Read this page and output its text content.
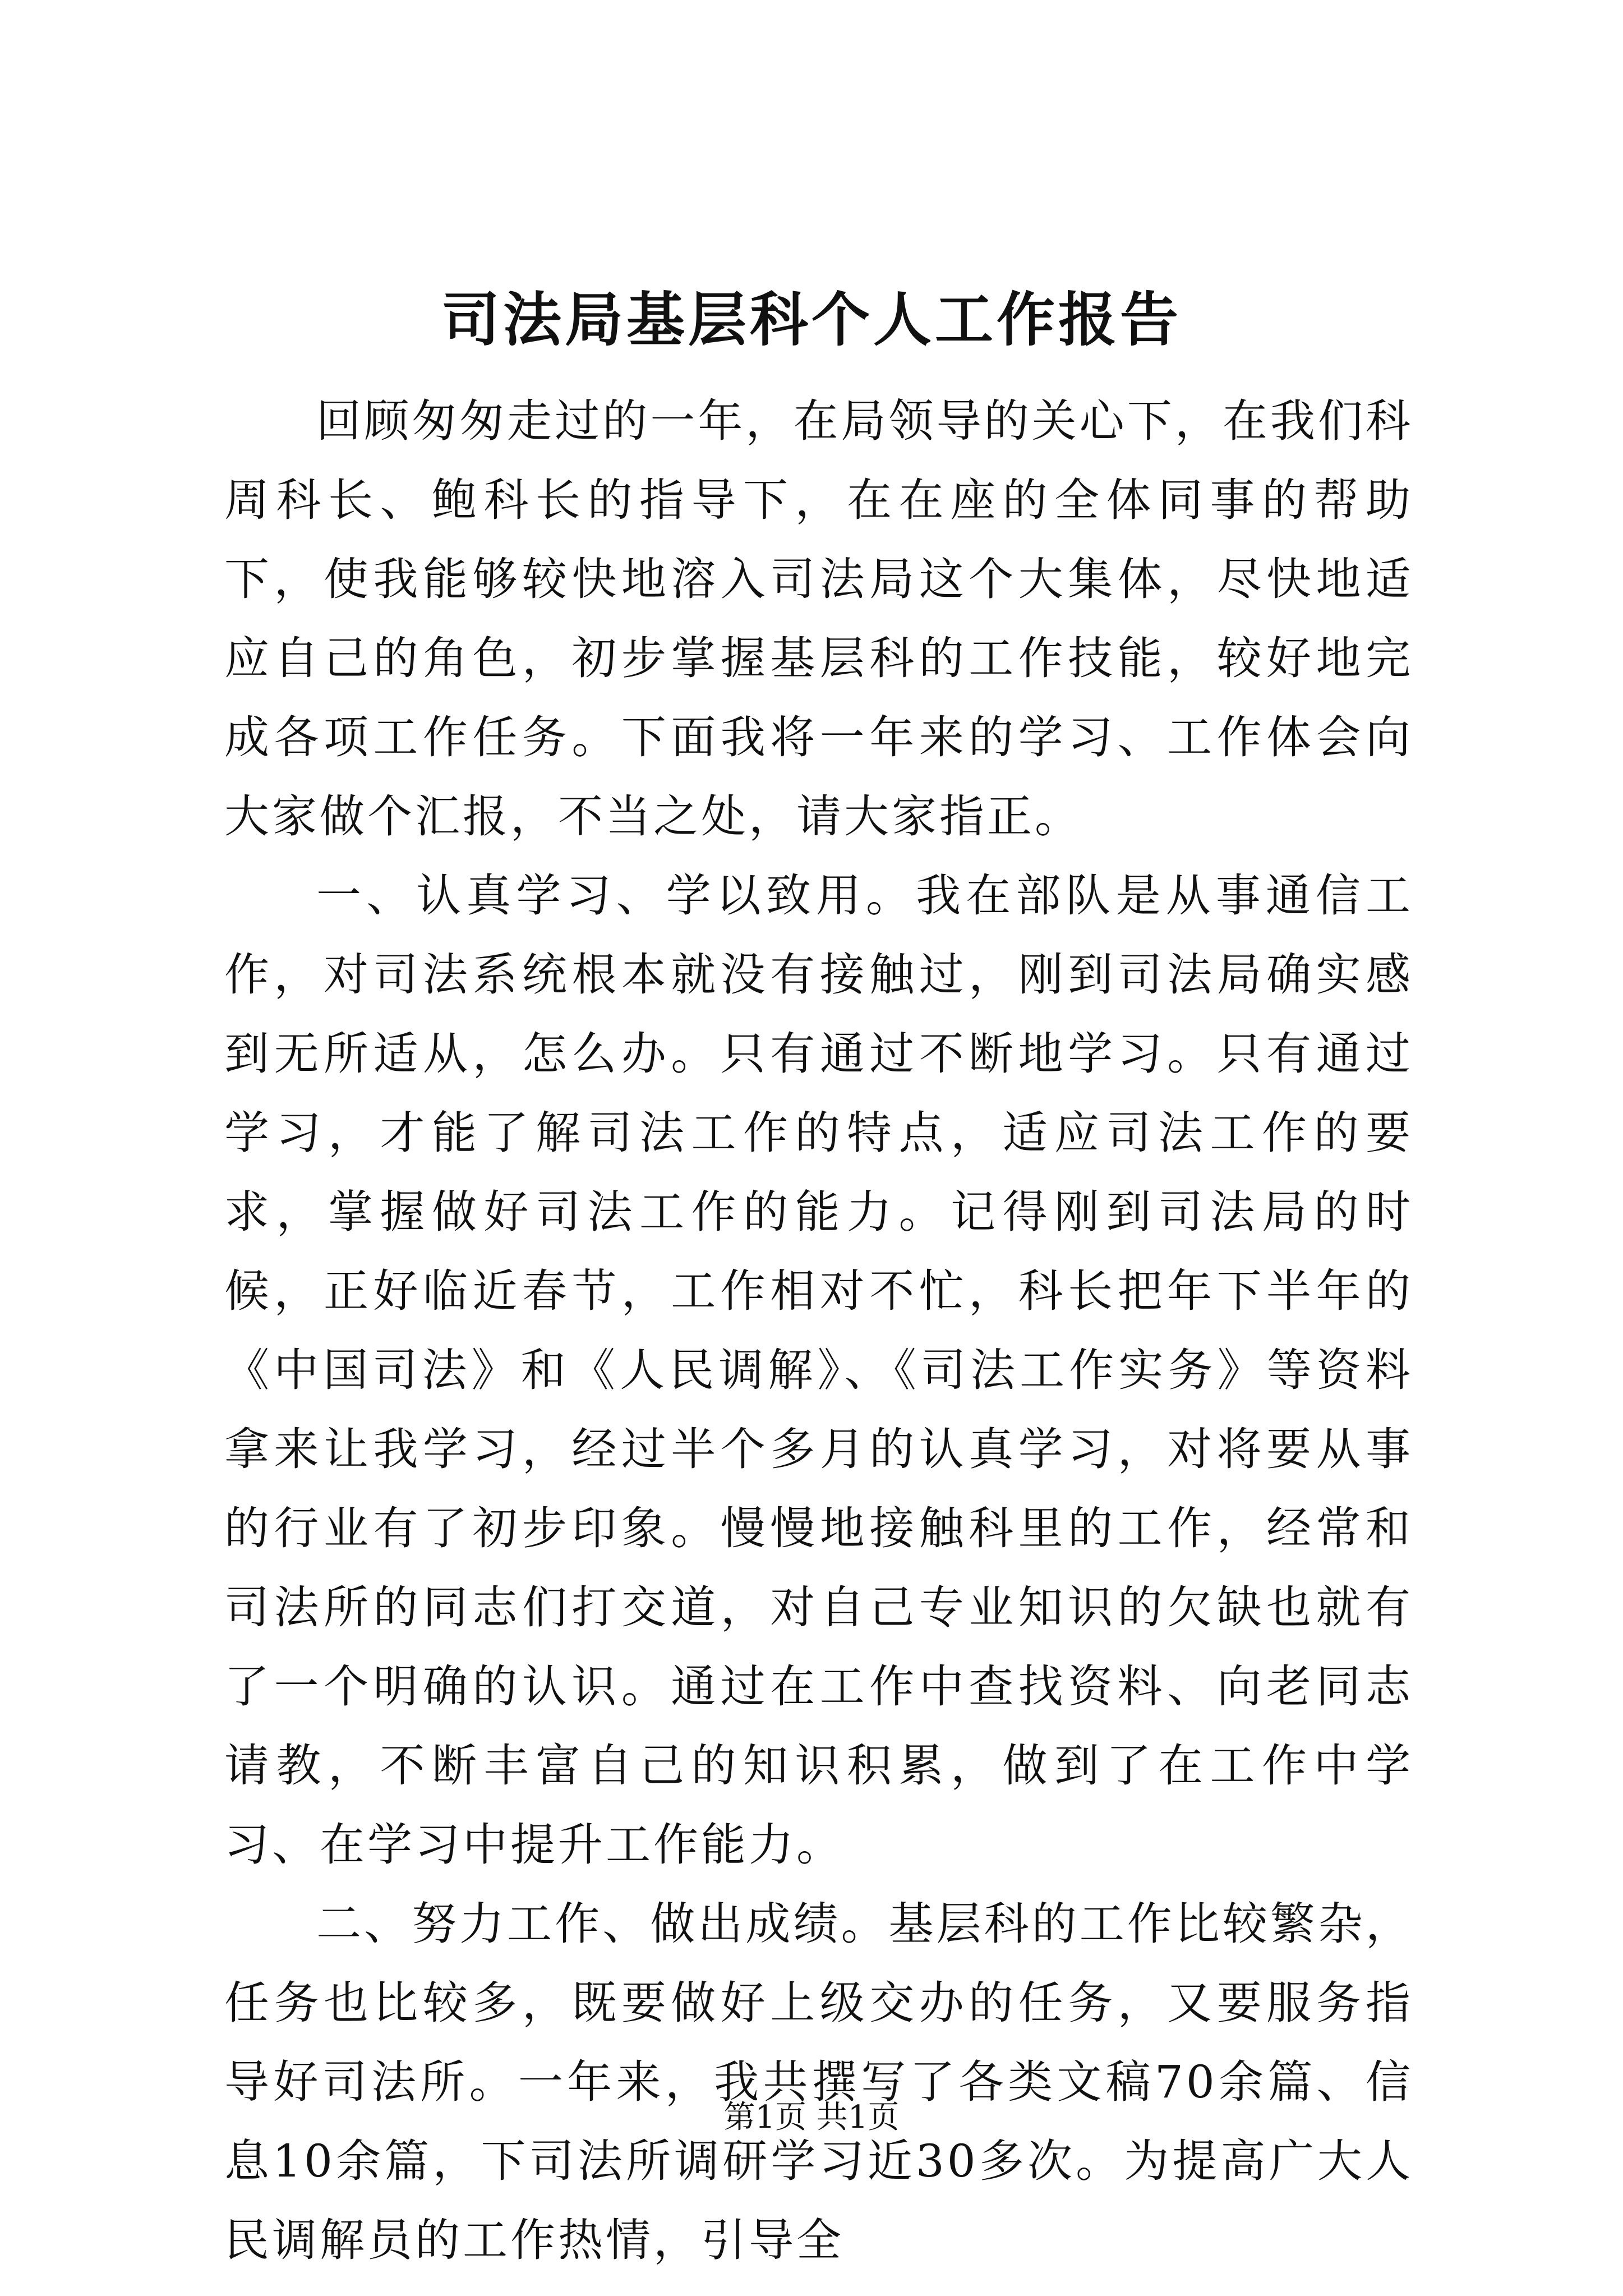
司法局基层科个人工作报告

回顾匆匆走过的一年，在局领导的关心下，在我们科周科长、鲍科长的指导下，在在座的全体同事的帮助下，使我能够较快地溶入司法局这个大集体，尽快地适应自己的角色，初步掌握基层科的工作技能，较好地完成各项工作任务。下面我将一年来的学习、工作体会向大家做个汇报，不当之处，请大家指正。

一、认真学习、学以致用。我在部队是从事通信工作，对司法系统根本就没有接触过，刚到司法局确实感到无所适从，怎么办。只有通过不断地学习。只有通过学习，才能了解司法工作的特点，适应司法工作的要求，掌握做好司法工作的能力。记得刚到司法局的时候，正好临近春节，工作相对不忙，科长把年下半年的《中国司法》和《人民调解》、《司法工作实务》等资料拿来让我学习，经过半个多月的认真学习，对将要从事的行业有了初步印象。慢慢地接触科里的工作，经常和司法所的同志们打交道，对自己专业知识的欠缺也就有了一个明确的认识。通过在工作中查找资料、向老同志请教，不断丰富自己的知识积累，做到了在工作中学习、在学习中提升工作能力。

二、努力工作、做出成绩。基层科的工作比较繁杂，任务也比较多，既要做好上级交办的任务，又要服务指导好司法所。一年来，我共撰写了各类文稿70余篇、信息10余篇，下司法所调研学习近30多次。为提高广大人民调解员的工作热情，引导全

第1页 共1页
